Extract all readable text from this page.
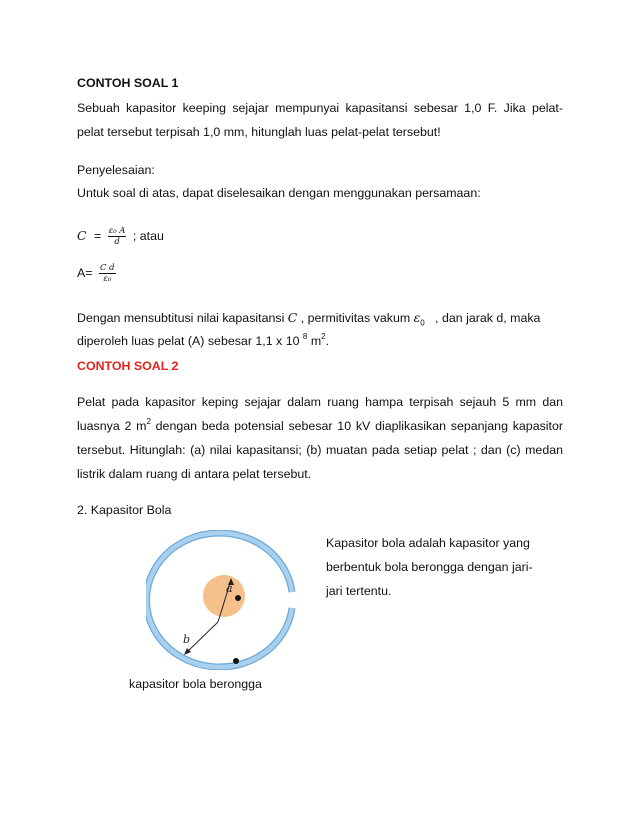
CONTOH SOAL 1
Sebuah kapasitor keeping sejajar mempunyai kapasitansi sebesar 1,0 F. Jika pelat-
pelat tersebut terpisah 1,0 mm, hitunglah luas pelat-pelat tersebut!
Penyelesaian:
Untuk soal di atas, dapat diselesaikan dengan menggunakan persamaan:
$C = \frac{\text{ε₀ A}}{d}$ ; atau
$A= \frac{\text{C d}}{\text{ε₀}}$
Dengan mensubtitusi nilai kapasitansi C , permitivitas vakum $\varepsilon_0$   , dan jarak d, maka
diperoleh luas pelat (A) sebesar 1,1 x 10 $^8$ $m^2$.
CONTOH SOAL 2
Pelat pada kapasitor keping sejajar dalam ruang hampa terpisah sejauh 5 mm dan
luasnya 2 $m^2$ dengan beda potensial sebesar 10 kV diaplikasikan sepanjang kapasitor
tersebut. Hitunglah: (a) nilai kapasitansi; (b) muatan pada setiap pelat ; dan (c) medan
listrik dalam ruang di antara pelat tersebut.
2. Kapasitor Bola
Kapasitor bola adalah kapasitor yang
berbentuk bola berongga dengan jari-
jari tertentu.
a
b
kapasitor bola berongga
